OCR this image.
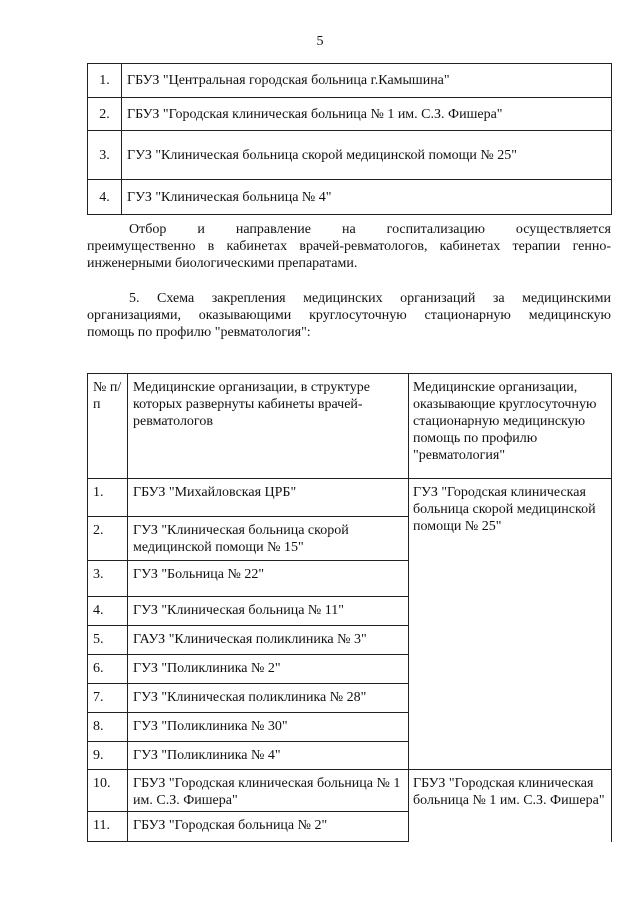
5
1.	ГБУЗ "Центральная городская больница г.Камышина"
2.	ГБУЗ "Городская клиническая больница № 1 им. С.З. Фишера"
3.	ГУЗ "Клиническая больница скорой медицинской помощи № 25"
4.	ГУЗ "Клиническая больница № 4"
Отбор и направление на госпитализацию осуществляется
преимущественно в кабинетах врачей-ревматологов, кабинетах терапии генно-
инженерными биологическими препаратами.
5. Схема закрепления медицинских организаций за медицинскими
организациями, оказывающими круглосуточную стационарную медицинскую
помощь по профилю "ревматология":
№ п/п	Медицинские организации, в структуре которых развернуты кабинеты врачей-ревматологов	Медицинские организации, оказывающие круглосуточную стационарную медицинскую помощь по профилю "ревматология"
1.	ГБУЗ "Михайловская ЦРБ"	ГУЗ "Городская клиническая больница скорой медицинской помощи № 25"
2.	ГУЗ "Клиническая больница скорой медицинской помощи № 15"	
3.	ГУЗ "Больница № 22"	
4.	ГУЗ "Клиническая больница № 11"	
5.	ГАУЗ "Клиническая поликлиника № 3"	
6.	ГУЗ "Поликлиника № 2"	
7.	ГУЗ "Клиническая поликлиника № 28"	
8.	ГУЗ "Поликлиника № 30"	
9.	ГУЗ "Поликлиника № 4"	
10.	ГБУЗ "Городская клиническая больница № 1 им. С.З. Фишера"	ГБУЗ "Городская клиническая больница № 1 им. С.З. Фишера"
11.	ГБУЗ "Городская больница № 2"	
